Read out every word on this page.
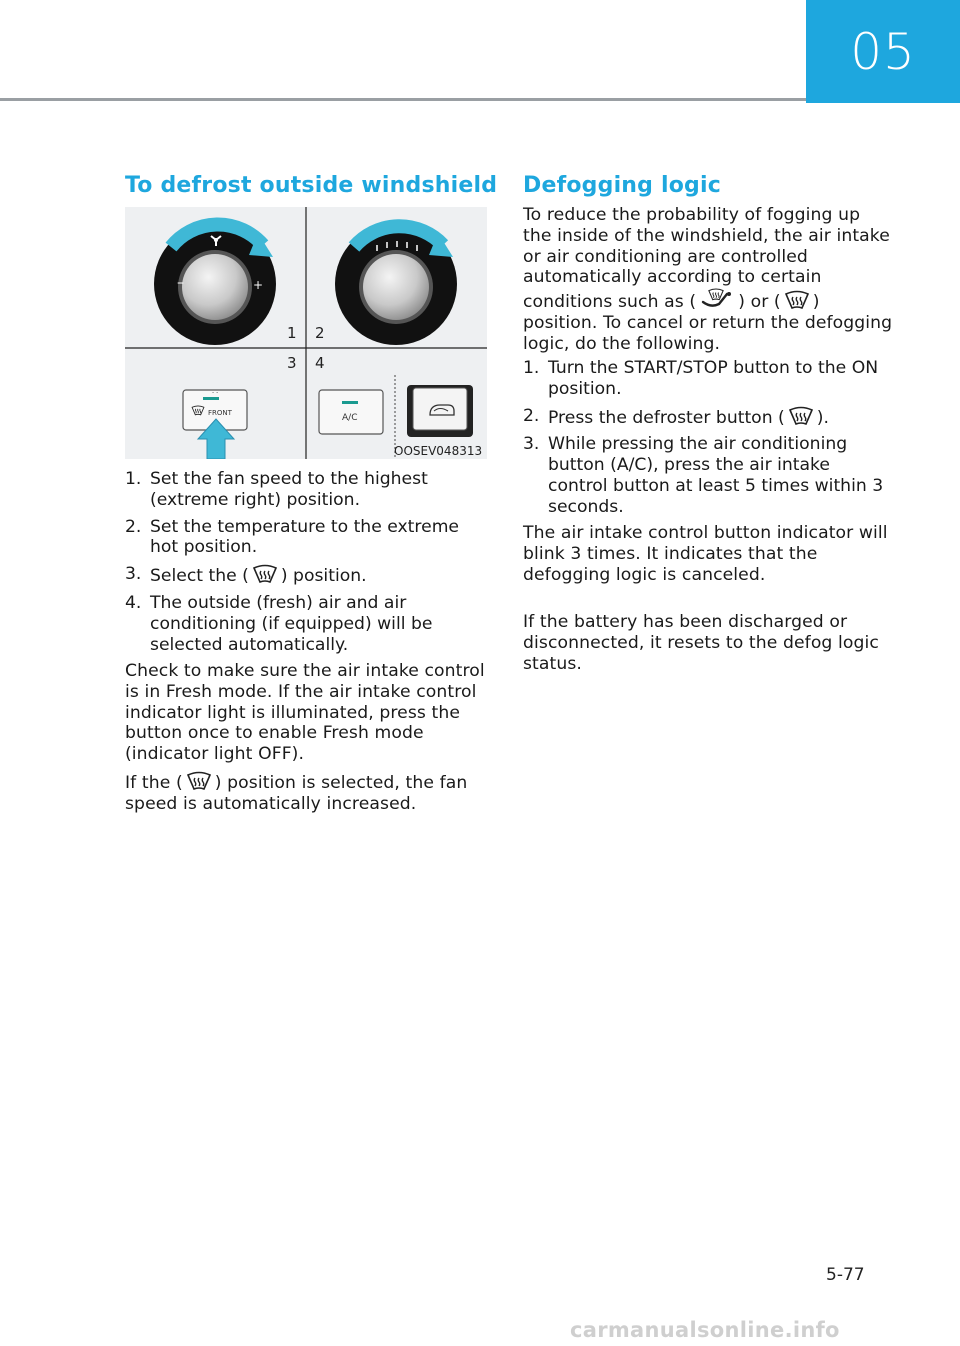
05
To defrost outside windshield
–	+
1 2
3 4
- -
FRONT	A/C
OOSEV048313
1. Set the fan speed to the highest (extreme right) position.
2. Set the temperature to the extreme hot position.
3. Select the ( ) position.
4. The outside (fresh) air and air conditioning (if equipped) will be selected automatically.

Check to make sure the air intake control is in Fresh mode. If the air intake control indicator light is illuminated, press the button once to enable Fresh mode (indicator light OFF).

If the ( ) position is selected, the fan speed is automatically increased.

Defogging logic

To reduce the probability of fogging up the inside of the windshield, the air intake or air conditioning are controlled automatically according to certain conditions such as ( ) or ( ) position. To cancel or return the defogging logic, do the following.

1. Turn the START/STOP button to the ON position.
2. Press the defroster button ( ).
3. While pressing the air conditioning button (A/C), press the air intake control button at least 5 times within 3 seconds.

The air intake control button indicator will blink 3 times. It indicates that the defogging logic is canceled.

If the battery has been discharged or disconnected, it resets to the defog logic status.

5-77
carmanualsonline.info
